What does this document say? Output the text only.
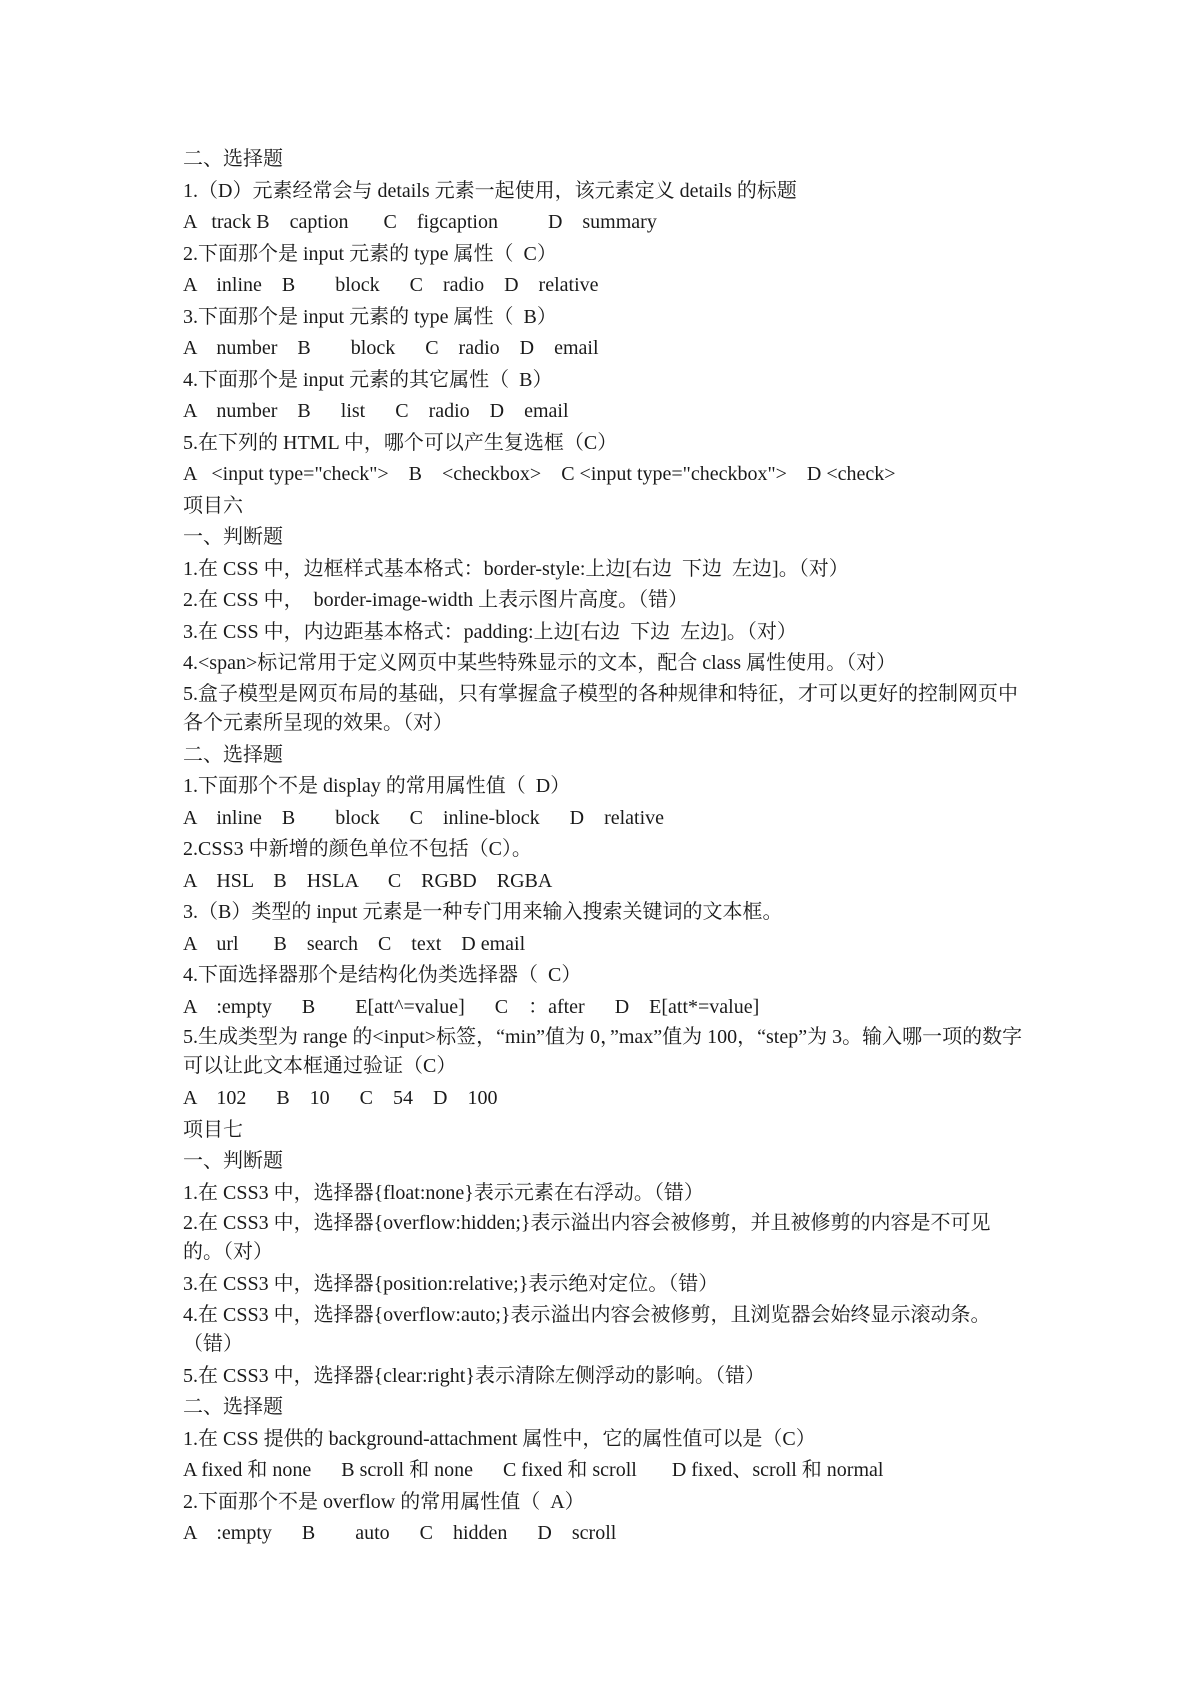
二、选择题
1.（D）元素经常会与 details 元素一起使用，该元素定义 details 的标题
A   track B    caption       C    figcaption          D    summary
2.下面那个是 input 元素的 type 属性（  C）
A    inline    B        block      C    radio    D    relative
3.下面那个是 input 元素的 type 属性（  B）
A    number    B        block      C    radio    D    email
4.下面那个是 input 元素的其它属性（  B）
A    number    B      list      C    radio    D    email
5.在下列的 HTML 中，哪个可以产生复选框（C）
A   <input type="check">    B    <checkbox>    C <input type="checkbox">    D <check>
项目六
一、判断题
1.在 CSS 中，边框样式基本格式：border-style:上边[右边  下边  左边]。（对）
2.在 CSS 中，  border-image-width 上表示图片高度。（错）
3.在 CSS 中，内边距基本格式：padding:上边[右边  下边  左边]。（对）
4.<span>标记常用于定义网页中某些特殊显示的文本，配合 class 属性使用。（对）
5.盒子模型是网页布局的基础，只有掌握盒子模型的各种规律和特征，才可以更好的控制网页中各个元素所呈现的效果。（对）
二、选择题
1.下面那个不是 display 的常用属性值（  D）
A    inline    B        block      C    inline-block      D    relative
2.CSS3 中新增的颜色单位不包括（C）。
A    HSL    B    HSLA      C    RGBD    RGBA
3.（B）类型的 input 元素是一种专门用来输入搜索关键词的文本框。
A    url       B    search    C    text    D email
4.下面选择器那个是结构化伪类选择器（  C）
A    :empty      B        E[att^=value]      C    ：after      D    E[att*=value]
5.生成类型为 range 的<input>标签，“min”值为 0，”max”值为 100，“step”为 3。输入哪一项的数字可以让此文本框通过验证（C）
A    102      B    10      C    54    D    100
项目七
一、判断题
1.在 CSS3 中，选择器{float:none}表示元素在右浮动。（错）
2.在 CSS3 中，选择器{overflow:hidden;}表示溢出内容会被修剪，并且被修剪的内容是不可见的。（对）
3.在 CSS3 中，选择器{position:relative;}表示绝对定位。（错）
4.在 CSS3 中，选择器{overflow:auto;}表示溢出内容会被修剪，且浏览器会始终显示滚动条。（错）
5.在 CSS3 中，选择器{clear:right}表示清除左侧浮动的影响。（错）
二、选择题
1.在 CSS 提供的 background-attachment 属性中，它的属性值可以是（C）
A fixed 和 none      B scroll 和 none      C fixed 和 scroll       D fixed、scroll 和 normal
2.下面那个不是 overflow 的常用属性值（  A）
A    :empty      B        auto      C    hidden      D    scroll
